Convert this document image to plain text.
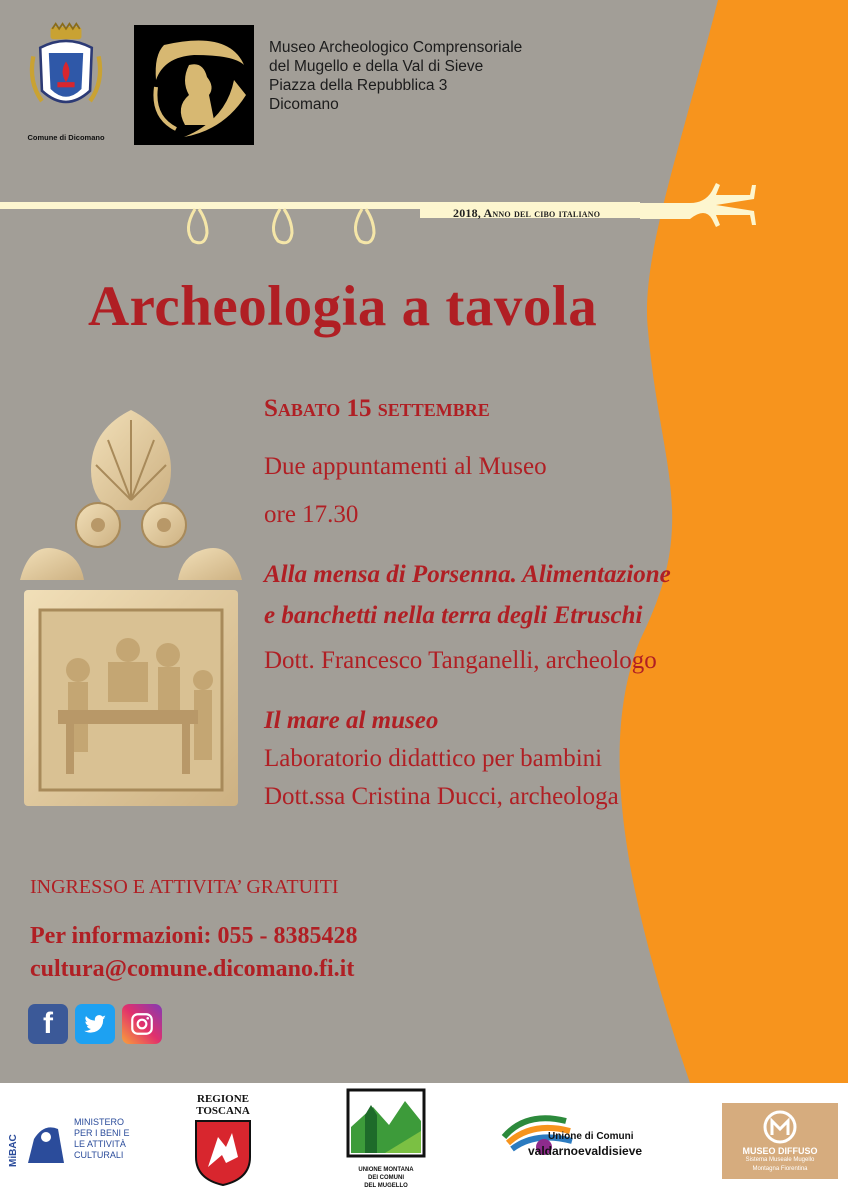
Comune di Dicomano
Museo Archeologico Comprensoriale
del Mugello e della Val di Sieve
Piazza della Repubblica 3
Dicomano
2018, Anno del cibo italiano
Archeologia a tavola
Sabato 15 settembre
Due appuntamenti al Museo
ore 17.30
Alla mensa di Porsenna. Alimentazione
e banchetti nella terra degli Etruschi
Dott. Francesco Tanganelli, archeologo
Il mare al museo
Laboratorio didattico per bambini
Dott.ssa Cristina Ducci, archeologa
INGRESSO E ATTIVITA’ GRATUITI
Per informazioni: 055 - 8385428
cultura@comune.dicomano.fi.it
f
MiBAC
MINISTERO
PER I BENI E
LE ATTIVITÀ
CULTURALI
REGIONE
TOSCANA
UNIONE MONTANA
DEI COMUNI
DEL MUGELLO
Unione di Comuni
valdarnoevaldisieve	MUSEO DIFFUSO
Sistema Museale Mugello
Montagna Fiorentina
